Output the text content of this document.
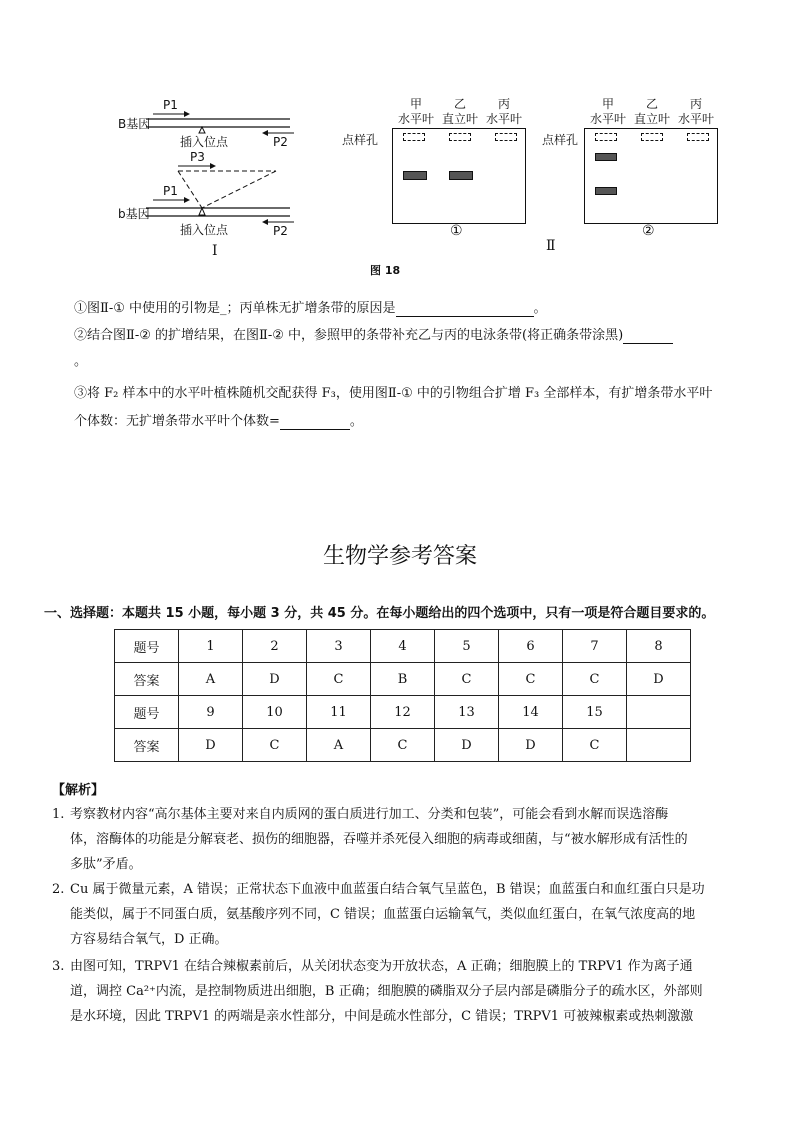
B基因
P1
插入位点	P2
P3
P1
b基因
插入位点	P2
I
甲
水平叶
乙
直立叶
丙
水平叶
点样孔
①
甲
水平叶
乙
直立叶
丙
水平叶
点样孔
②
Ⅱ
图 18
①图Ⅱ-① 中使用的引物是_；丙单株无扩增条带的原因是	。
②结合图Ⅱ-② 的扩增结果，在图Ⅱ-② 中，参照甲的条带补充乙与丙的电泳条带(将正确条带涂黑)
。
③将 F₂ 样本中的水平叶植株随机交配获得 F₃，使用图Ⅱ-① 中的引物组合扩增 F₃ 全部样本，有扩增条带水平叶
个体数：无扩增条带水平叶个体数=	。
生物学参考答案
一、选择题：本题共 15 小题，每小题 3 分，共 45 分。在每小题给出的四个选项中，只有一项是符合题目要求的。
题号	1	2	3	4	5	6	7	8
答案	A	D	C	B	C	C	C	D
题号	9	10	11	12	13	14	15	
答案	D	C	A	C	D	D	C	
【解析】
1. 考察教材内容“高尔基体主要对来自内质网的蛋白质进行加工、分类和包装”，可能会看到水解而误选溶酶
体，溶酶体的功能是分解衰老、损伤的细胞器，吞噬并杀死侵入细胞的病毒或细菌，与“被水解形成有活性的
多肽”矛盾。
2. Cu 属于微量元素，A 错误；正常状态下血液中血蓝蛋白结合氧气呈蓝色，B 错误；血蓝蛋白和血红蛋白只是功
能类似，属于不同蛋白质，氨基酸序列不同，C 错误；血蓝蛋白运输氧气，类似血红蛋白，在氧气浓度高的地
方容易结合氧气，D 正确。
3. 由图可知，TRPV1 在结合辣椒素前后，从关闭状态变为开放状态，A 正确；细胞膜上的 TRPV1 作为离子通
道，调控 Ca²⁺内流，是控制物质进出细胞，B 正确；细胞膜的磷脂双分子层内部是磷脂分子的疏水区，外部则
是水环境，因此 TRPV1 的两端是亲水性部分，中间是疏水性部分，C 错误；TRPV1 可被辣椒素或热刺激激
